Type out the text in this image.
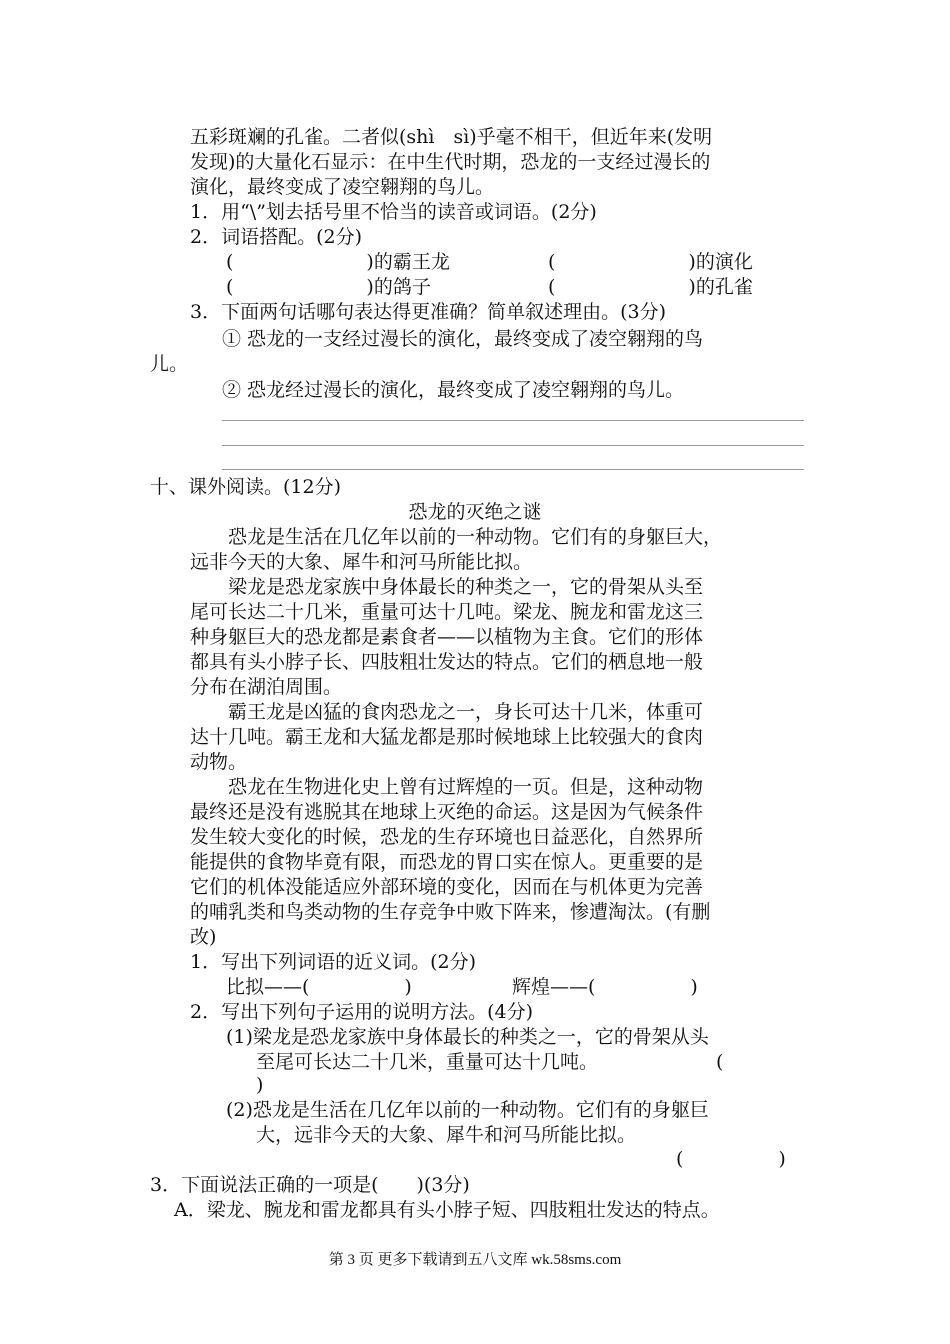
五彩斑斓的孔雀。二者似(shì　sì)乎毫不相干，但近年来(发明
发现)的大量化石显示：在中生代时期，恐龙的一支经过漫长的
演化，最终变成了凌空翱翔的鸟儿。
1．用“\”划去括号里不恰当的读音或词语。(2分)
2．词语搭配。(2分)
(　　　　　　　)的霸王龙	(　　　　　　　)的演化
(　　　　　　　)的鸽子	(　　　　　　　)的孔雀
3．下面两句话哪句表达得更准确？简单叙述理由。(3分)
① 恐龙的一支经过漫长的演化，最终变成了凌空翱翔的鸟
儿。
② 恐龙经过漫长的演化，最终变成了凌空翱翔的鸟儿。
十、课外阅读。(12分)
恐龙的灭绝之谜
　　恐龙是生活在几亿年以前的一种动物。它们有的身躯巨大，
远非今天的大象、犀牛和河马所能比拟。
　　梁龙是恐龙家族中身体最长的种类之一，它的骨架从头至
尾可长达二十几米，重量可达十几吨。梁龙、腕龙和雷龙这三
种身躯巨大的恐龙都是素食者——以植物为主食。它们的形体
都具有头小脖子长、四肢粗壮发达的特点。它们的栖息地一般
分布在湖泊周围。
　　霸王龙是凶猛的食肉恐龙之一，身长可达十几米，体重可
达十几吨。霸王龙和大猛龙都是那时候地球上比较强大的食肉
动物。
　　恐龙在生物进化史上曾有过辉煌的一页。但是，这种动物
最终还是没有逃脱其在地球上灭绝的命运。这是因为气候条件
发生较大变化的时候，恐龙的生存环境也日益恶化，自然界所
能提供的食物毕竟有限，而恐龙的胃口实在惊人。更重要的是
它们的机体没能适应外部环境的变化，因而在与机体更为完善
的哺乳类和鸟类动物的生存竞争中败下阵来，惨遭淘汰。(有删
改)
1．写出下列词语的近义词。(2分)
比拟——(　　　　　)	辉煌——(　　　　　)
2．写出下列句子运用的说明方法。(4分)
(1)梁龙是恐龙家族中身体最长的种类之一，它的骨架从头
至尾可长达二十几米，重量可达十几吨。	(
)
(2)恐龙是生活在几亿年以前的一种动物。它们有的身躯巨
大，远非今天的大象、犀牛和河马所能比拟。
(　　　　　)
3．下面说法正确的一项是(　　)(3分)
A．梁龙、腕龙和雷龙都具有头小脖子短、四肢粗壮发达的特点。
第 3 页 更多下载请到五八文库 wk.58sms.com
